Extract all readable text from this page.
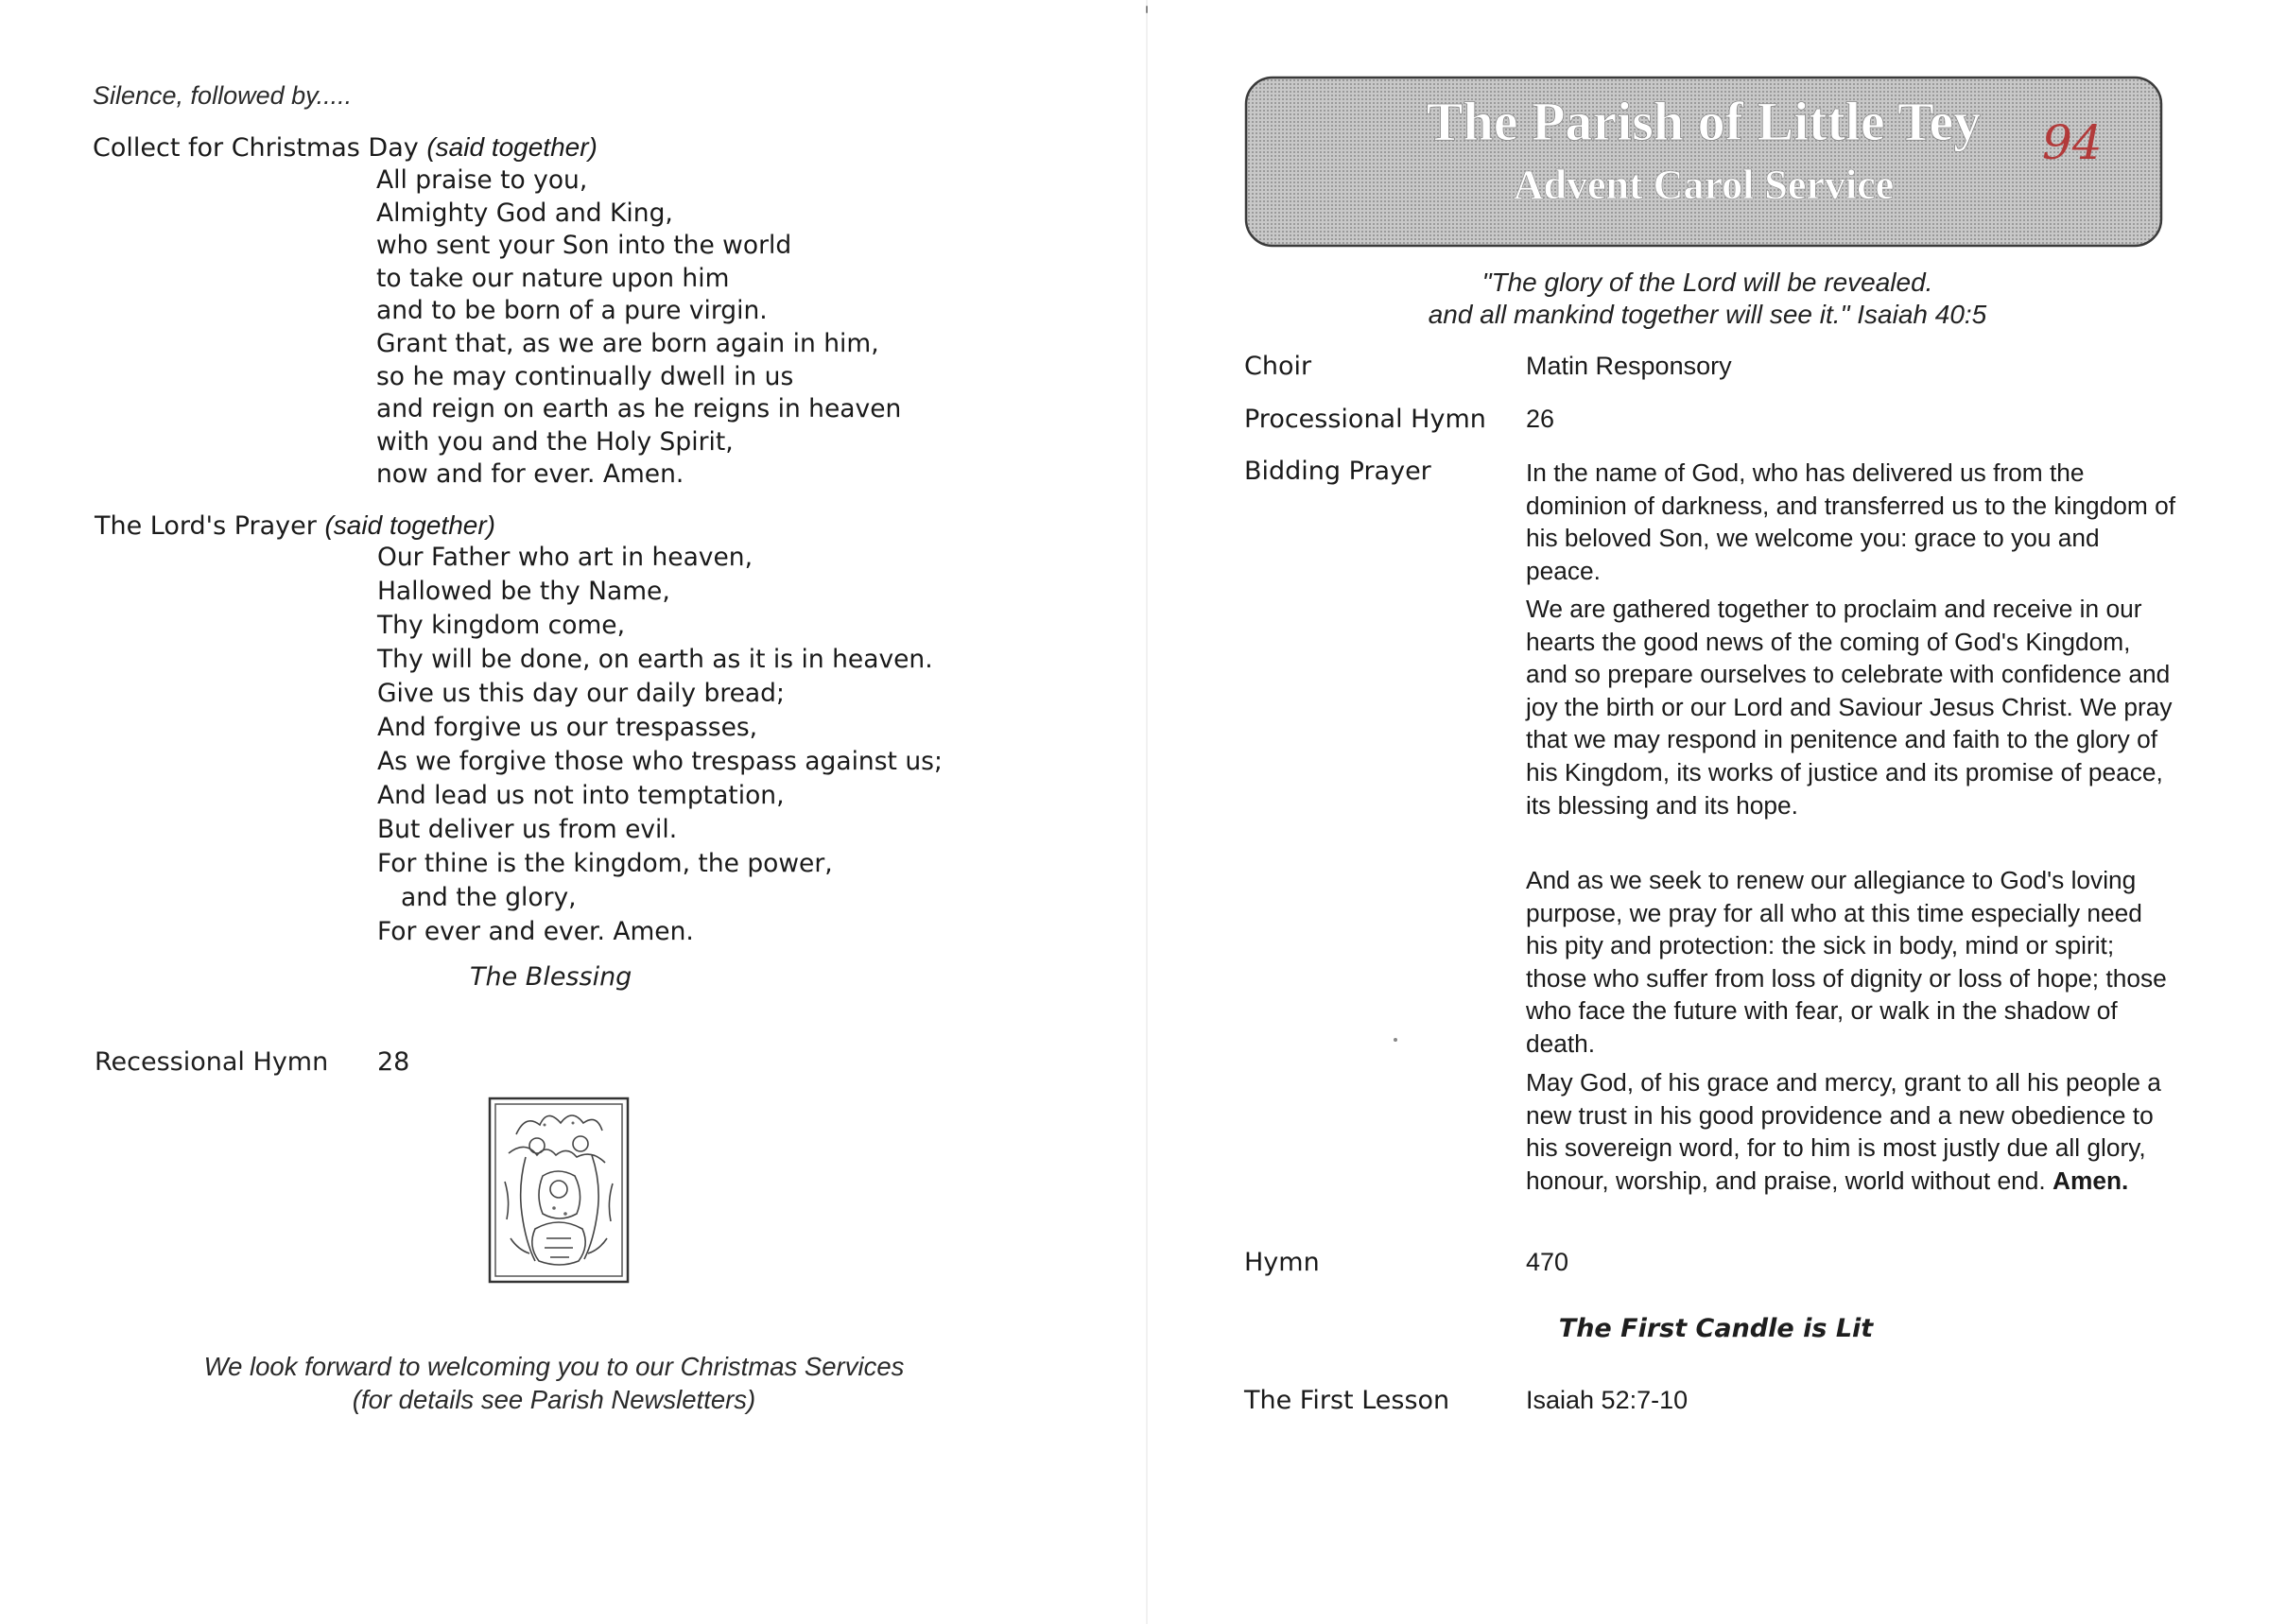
Silence, followed by.....
Collect for Christmas Day (said together)
All praise to you,
Almighty God and King,
who sent your Son into the world
to take our nature upon him
and to be born of a pure virgin.
Grant that, as we are born again in him,
so he may continually dwell in us
and reign on earth as he reigns in heaven
with you and the Holy Spirit,
now and for ever. Amen.
The Lord's Prayer (said together)
Our Father who art in heaven,
Hallowed be thy Name,
Thy kingdom come,
Thy will be done, on earth as it is in heaven.
Give us this day our daily bread;
And forgive us our trespasses,
As we forgive those who trespass against us;
And lead us not into temptation,
But deliver us from evil.
For thine is the kingdom, the power,
and the glory,
For ever and ever. Amen.
The Blessing
Recessional Hymn 28
We look forward to welcoming you to our Christmas Services
(for details see Parish Newsletters)
The Parish of Little Tey
Advent Carol Service
94
"The glory of the Lord will be revealed.
and all mankind together will see it." Isaiah 40:5
Choir	Matin Responsory
Processional Hymn 26
Bidding Prayer	In the name of God, who has delivered us from the dominion of darkness, and transferred us to the kingdom of his beloved Son, we welcome you: grace to you and peace.
We are gathered together to proclaim and receive in our hearts the good news of the coming of God's Kingdom, and so prepare ourselves to celebrate with confidence and joy the birth or our Lord and Saviour Jesus Christ. We pray that we may respond in penitence and faith to the glory of his Kingdom, its works of justice and its promise of peace, its blessing and its hope.
And as we seek to renew our allegiance to God's loving purpose, we pray for all who at this time especially need his pity and protection: the sick in body, mind or spirit; those who suffer from loss of dignity or loss of hope; those who face the future with fear, or walk in the shadow of death.
May God, of his grace and mercy, grant to all his people a new trust in his good providence and a new obedience to his sovereign word, for to him is most justly due all glory, honour, worship, and praise, world without end. Amen.
Hymn	470
The First Candle is Lit
The First Lesson	Isaiah 52:7-10
